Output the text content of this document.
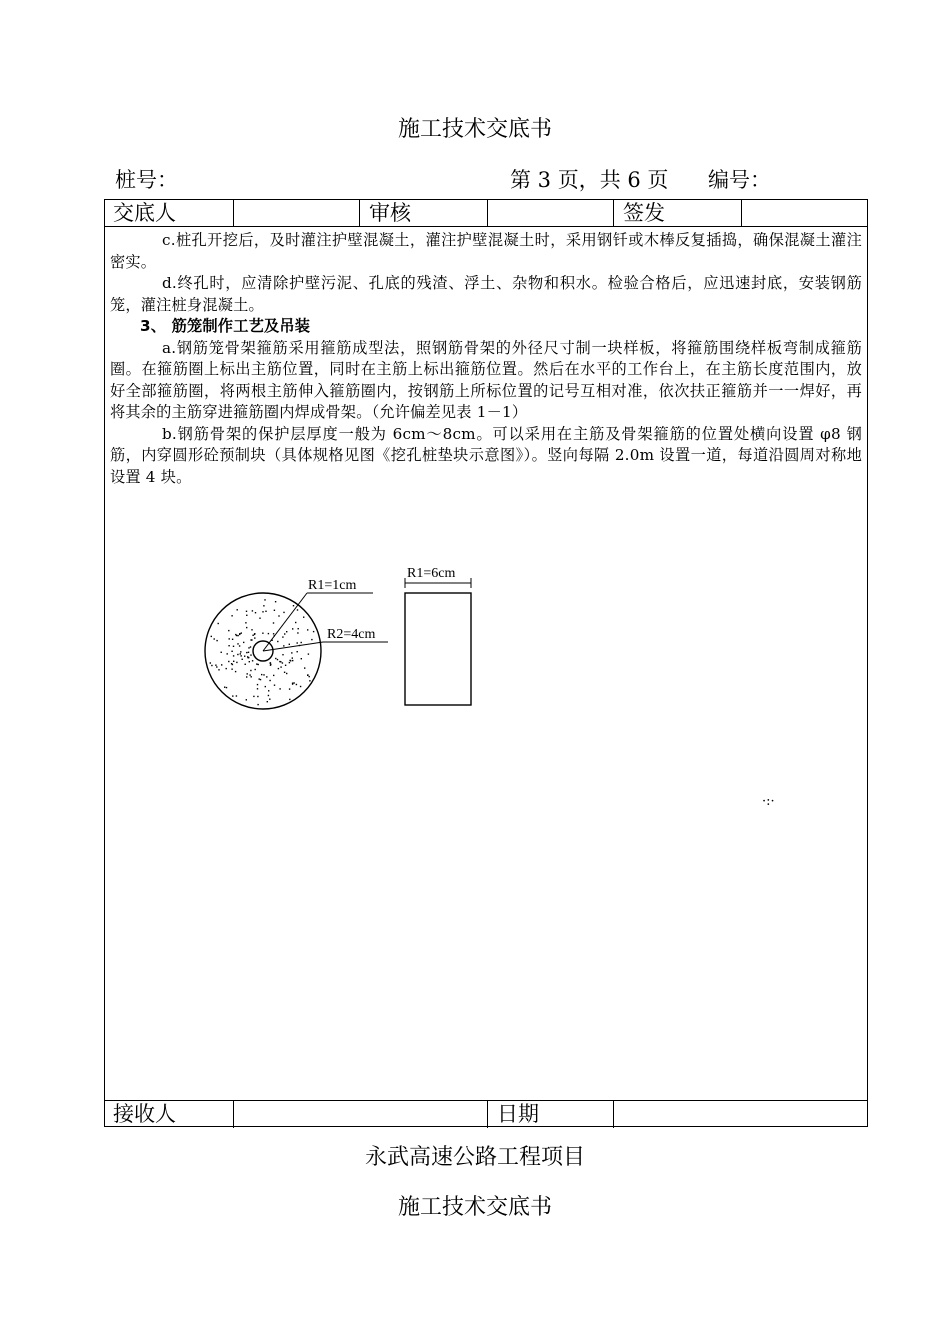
施工技术交底书
桩号：	第 3 页，共 6 页 编号：
交底人	审核	签发

c.桩孔开挖后，及时灌注护壁混凝土，灌注护壁混凝土时，采用钢钎或木棒反复插捣，确保混凝土灌注密实。

d.终孔时，应清除护壁污泥、孔底的残渣、浮土、杂物和积水。检验合格后，应迅速封底，安装钢筋笼，灌注桩身混凝土。

3、 筋笼制作工艺及吊装

a.钢筋笼骨架箍筋采用箍筋成型法，照钢筋骨架的外径尺寸制一块样板，将箍筋围绕样板弯制成箍筋圈。在箍筋圈上标出主筋位置，同时在主筋上标出箍筋位置。然后在水平的工作台上，在主筋长度范围内，放好全部箍筋圈，将两根主筋伸入箍筋圈内，按钢筋上所标位置的记号互相对准，依次扶正箍筋并一一焊好，再将其余的主筋穿进箍筋圈内焊成骨架。（允许偏差见表 1－1）

b.钢筋骨架的保护层厚度一般为 6cm～8cm。可以采用在主筋及骨架箍筋的位置处横向设置 φ8 钢筋，内穿圆形砼预制块（具体规格见图《挖孔桩垫块示意图》）。竖向每隔 2.0m 设置一道，每道沿圆周对称地设置 4 块。

R1=1cm
R2=4cm
R1=6cm
·:·
接收人	日期
永武高速公路工程项目
施工技术交底书
